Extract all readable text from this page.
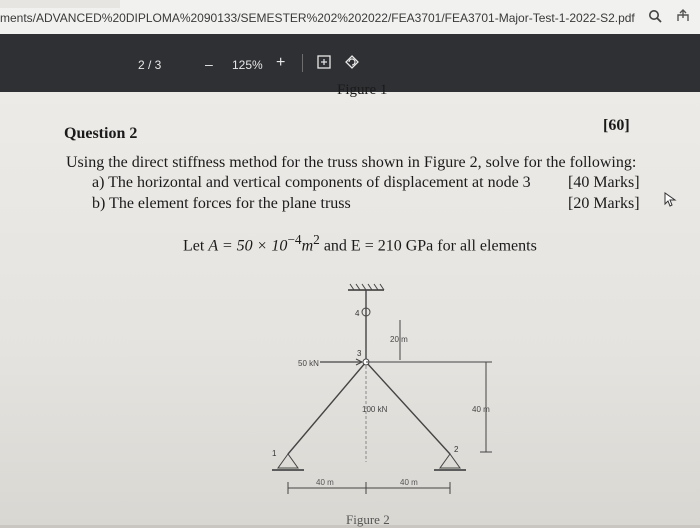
ments/ADVANCED%20DIPLOMA%2090133/SEMESTER%202%202022/FEA3701/FEA3701-Major-Test-1-2022-S2.pdf
2 / 3	– 125% +
Figure 1
Question 2	[60]
Using the direct stiffness method for the truss shown in Figure 2, solve for the following:
a) The horizontal and vertical components of displacement at node 3 [40 Marks]
b) The element forces for the plane truss	[20 Marks]
Let $A = 50 \times 10^{-4}m^2$ and E = 210 GPa for all elements
4
3
50 kN
100 kN
20 m
40 m
1	2
40 m	40 m
Figure 2
